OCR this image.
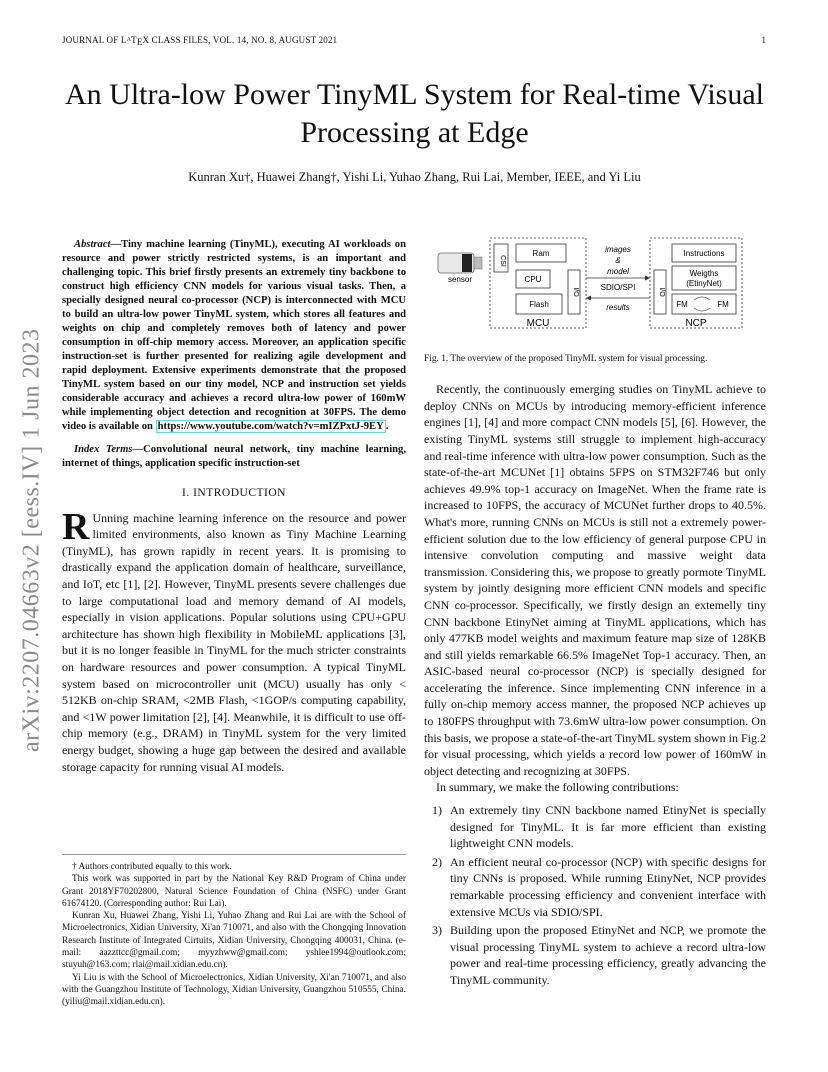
JOURNAL OF $L^ATEX$ CLASS FILES, VOL. 14, NO. 8, AUGUST 2021	1
arXiv:2207.04663v2 [eess.IV] 1 Jun 2023
An Ultra-low Power TinyML System for Real-time Visual Processing at Edge
Kunran Xu†, Huawei Zhang†, Yishi Li, Yuhao Zhang, Rui Lai, Member, IEEE, and Yi Liu

Abstract—Tiny machine learning (TinyML), executing AI workloads on resource and power strictly restricted systems, is an important and challenging topic. This brief firstly presents an extremely tiny backbone to construct high efficiency CNN models for various visual tasks. Then, a specially designed neural co-processor (NCP) is interconnected with MCU to build an ultra-low power TinyML system, which stores all features and weights on chip and completely removes both of latency and power consumption in off-chip memory access. Moreover, an application specific instruction-set is further presented for realizing agile development and rapid deployment. Extensive experiments demonstrate that the proposed TinyML system based on our tiny model, NCP and instruction set yields considerable accuracy and achieves a record ultra-low power of 160mW while implementing object detection and recognition at 30FPS. The demo video is available on https://www.youtube.com/watch?v=mIZPxtJ-9EY .

Index Terms—Convolutional neural network, tiny machine learning, internet of things, application specific instruction-set

I. INTRODUCTION

R Unning machine learning inference on the resource and power limited environments, also known as Tiny Machine Learning (TinyML), has grown rapidly in recent years. It is promising to drastically expand the application domain of healthcare, surveillance, and IoT, etc [1], [2]. However, TinyML presents severe challenges due to large computational load and memory demand of AI models, especially in vision applications. Popular solutions using CPU+GPU architecture has shown high flexibility in MobileML applications [3], but it is no longer feasible in TinyML for the much stricter constraints on hardware resources and power consumption. A typical TinyML system based on microcontroller unit (MCU) usually has only < 512KB on-chip SRAM, <2MB Flash, <1GOP/s computing capability, and <1W power limitation [2], [4]. Meanwhile, it is difficult to use off-chip memory (e.g., DRAM) in TinyML system for the very limited energy budget, showing a huge gap between the desired and available storage capacity for running visual AI models.

† Authors contributed equally to this work.

This work was supported in part by the National Key R&D Program of China under Grant 2018YF70202800, Natural Science Foundation of China (NSFC) under Grant 61674120. (Corresponding author: Rui Lai).

Kunran Xu, Huawei Zhang, Yishi Li, Yuhao Zhang and Rui Lai are with the School of Microelectronics, Xidian University, Xi'an 710071, and also with the Chongqing Innovation Research Institute of Integrated Cirtuits, Xidian University, Chongqing 400031, China. (e-mail: aazzttcc@gmail.com; myyzhww@gmail.com; yshlee1994@outlook.com; stuyuh@163.com; rlai@mail.xidian.edu.cn).

Yi Liu is with the School of Microelectronics, Xidian University, Xi'an 710071, and also with the Guangzhou Institute of Technology, Xidian University, Guangzhou 510555, China. (yiliu@mail.xidian.edu.cn).

sensor
CSI
Ram
CPU
Flash
I/O
MCU
images
&
model
SDIO/SPI
results
I/O
Instructions
Weigths
(EtinyNet)
FM	FM
NCP
Fig. 1. The overview of the proposed TinyML system for visual processing.

Recently, the continuously emerging studies on TinyML achieve to deploy CNNs on MCUs by introducing memory-efficient inference engines [1], [4] and more compact CNN models [5], [6]. However, the existing TinyML systems still struggle to implement high-accuracy and real-time inference with ultra-low power consumption. Such as the state-of-the-art MCUNet [1] obtains 5FPS on STM32F746 but only achieves 49.9% top-1 accuracy on ImageNet. When the frame rate is increased to 10FPS, the accuracy of MCUNet further drops to 40.5%. What's more, running CNNs on MCUs is still not a extremely power-efficient solution due to the low efficiency of general purpose CPU in intensive convolution computing and massive weight data transmission. Considering this, we propose to greatly pormote TinyML system by jointly designing more efficient CNN models and specific CNN co-processor. Specifically, we firstly design an extemelly tiny CNN backbone EtinyNet aiming at TinyML applications, which has only 477KB model weights and maximum feature map size of 128KB and still yields remarkable 66.5% ImageNet Top-1 accuracy. Then, an ASIC-based neural co-processor (NCP) is specially designed for accelerating the inference. Since implementing CNN inference in a fully on-chip memory access manner, the proposed NCP achieves up to 180FPS throughput with 73.6mW ultra-low power consumption. On this basis, we propose a state-of-the-art TinyML system shown in Fig.2 for visual processing, which yields a record low power of 160mW in object detecting and recognizing at 30FPS.

In summary, we make the following contributions:

1) An extremely tiny CNN backbone named EtinyNet is specially designed for TinyML. It is far more efficient than existing lightweight CNN models.
2) An efficient neural co-processor (NCP) with specific designs for tiny CNNs is proposed. While running EtinyNet, NCP provides remarkable processing efficiency and convenient interface with extensive MCUs via SDIO/SPI.
3) Building upon the proposed EtinyNet and NCP, we promote the visual processing TinyML system to achieve a record ultra-low power and real-time processing efficiency, greatly advancing the TinyML community.
